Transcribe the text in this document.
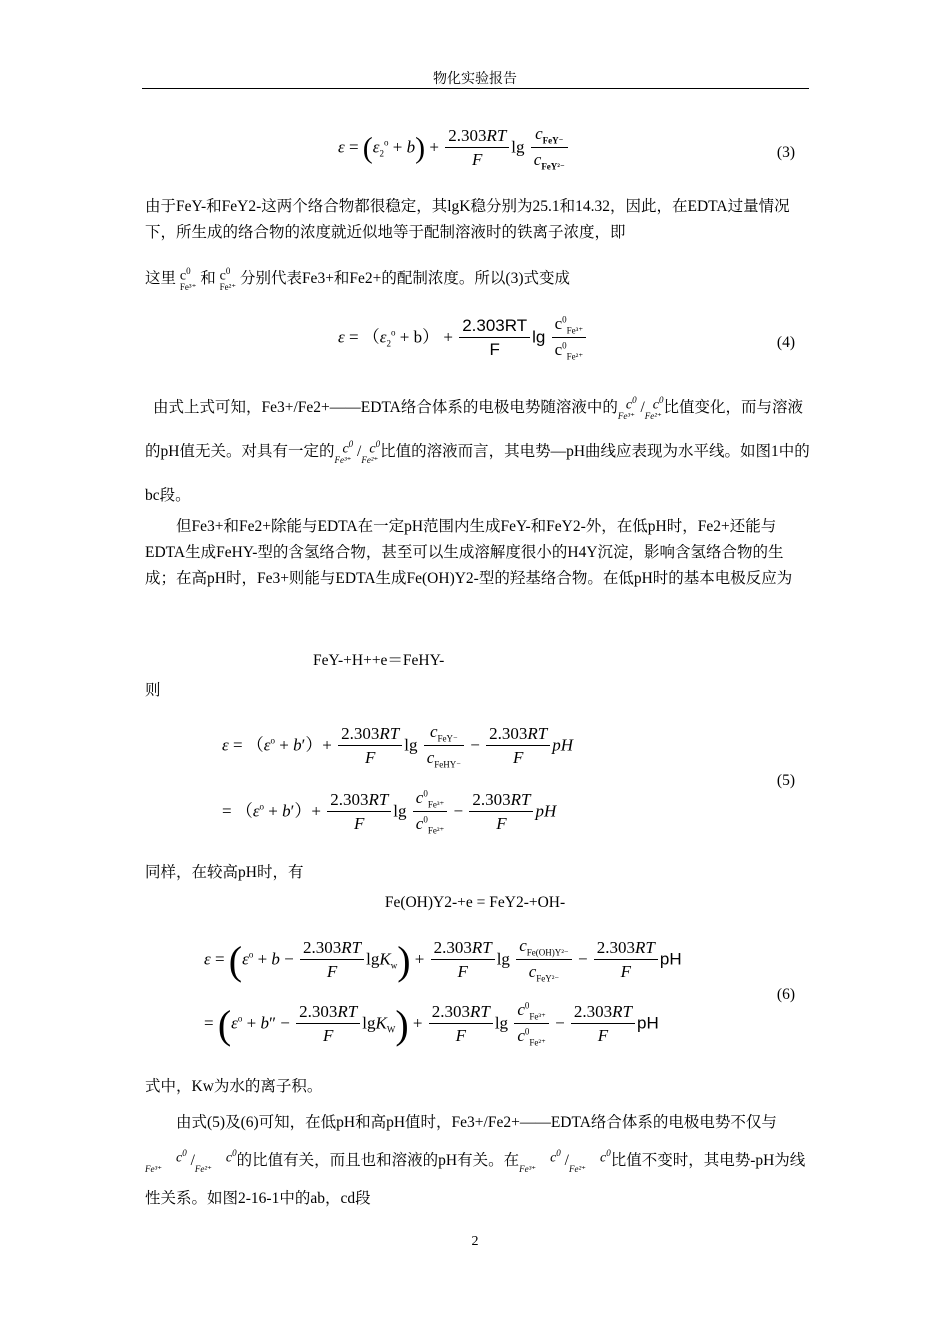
物化实验报告
$\varepsilon = (\varepsilon_2^o + b) + \frac{2.303RT}{F}$ lg
$c_{FeY^-}$
$c_{FeY^{2-}}$
(3)
由于FeY-和FeY2-这两个络合物都很稳定，其lgK稳分别为25.1和14.32，因此，在EDTA过量情况下，所生成的络合物的浓度就近似地等于配制溶液时的铁离子浓度，即
这里 $c^0$
Fe³⁺ 和 $c^0$
Fe²⁺ 分别代表Fe3+和Fe2+的配制浓度。所以(3)式变成
$\varepsilon = (\varepsilon_2^o + b) + \frac{2.303RT}{F}$ $\lg \frac{c^0_{Fe^{3+}}}{c^0_{Fe^{2+}}}$	(4)
由式上式可知，Fe3+/Fe2+——EDTA络合体系的电极电势随溶液中的 $c^0$
$Fe^{3+} / c^0$
Fe²⁺比值变化，而与溶液的pH值无关。对具有一定的 $c^0$
$Fe^{3+} / c^0$
Fe²⁺比值的溶液而言，其电势—pH曲线应表现为水平线。如图1中的bc段。
但Fe3+和Fe2+除能与EDTA在一定pH范围内生成FeY-和FeY2-外，在低pH时，Fe2+还能与EDTA生成FeHY-型的含氢络合物，甚至可以生成溶解度很小的H4Y沉淀，影响含氢络合物的生成；在高pH时，Fe3+则能与EDTA生成Fe(OH)Y2-型的羟基络合物。在低pH时的基本电极反应为
FeY-+H++e＝FeHY-
则
$\varepsilon = (\varepsilon^o + b')+ \frac{2.303RT}{F}$ lg
$c_{FeY^-}$
$c_{FeHY^-}$
− $\frac{2.303RT}{F}$ pH
= $(\varepsilon^o + b')+ \frac{2.303RT}{F}$ $\lg \frac{c^0_{Fe^{3+}}}{c^0_{Fe^{2+}}} - \frac{2.303RT}{F}$ pH
(5)
同样，在较高pH时，有
Fe(OH)Y2-+e = FeY2-+OH-
$\varepsilon = (\varepsilon^o + b - \frac{2.303RT}{F} \lg K_w) + \frac{2.303RT}{F}$ lg
$c_{Fe(OH)Y^{2-}}$
$c_{FeY^{2-}}$
− $\frac{2.303RT}{F}$ pH
= $(\varepsilon^o + b'' - \frac{2.303RT}{F} \lg K_W) + \frac{2.303RT}{F}$ $\lg \frac{c^0_{Fe^{3+}}}{c^0_{Fe^{2+}}} - \frac{2.303RT}{F}$ pH
(6)
式中，Kw为水的离子积。
由式(5)及(6)可知，在低pH和高pH值时，Fe3+/Fe2+——EDTA络合体系的电极电势不仅与$c^0$
$Fe^{3+} / c^0$
Fe²⁺的比值有关，而且也和溶液的pH有关。在 $c^0$
$Fe^{3+} / c^0$
Fe²⁺比值不变时，其电势-pH为线性关系。如图2-16-1中的ab，cd段
2
